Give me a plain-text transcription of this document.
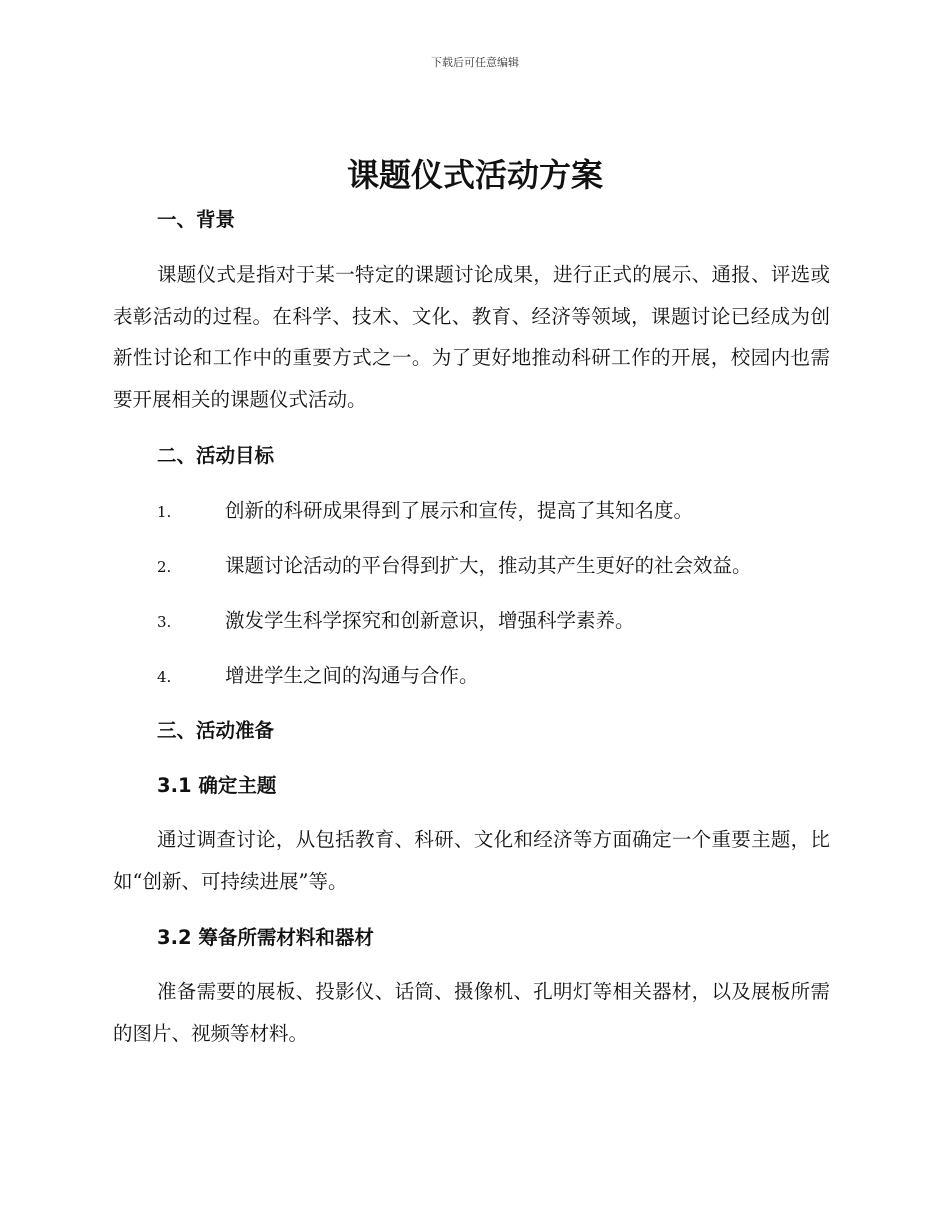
下载后可任意编辑
课题仪式活动方案
一、背景

课题仪式是指对于某一特定的课题讨论成果，进行正式的展示、通报、评选或表彰活动的过程。在科学、技术、文化、教育、经济等领域，课题讨论已经成为创新性讨论和工作中的重要方式之一。为了更好地推动科研工作的开展，校园内也需要开展相关的课题仪式活动。

二、活动目标
1.	创新的科研成果得到了展示和宣传，提高了其知名度。
2.	课题讨论活动的平台得到扩大，推动其产生更好的社会效益。
3.	激发学生科学探究和创新意识，增强科学素养。
4.	增进学生之间的沟通与合作。
三、活动准备
3.1 确定主题

通过调查讨论，从包括教育、科研、文化和经济等方面确定一个重要主题，比如“创新、可持续进展”等。

3.2 筹备所需材料和器材

准备需要的展板、投影仪、话筒、摄像机、孔明灯等相关器材，以及展板所需的图片、视频等材料。
